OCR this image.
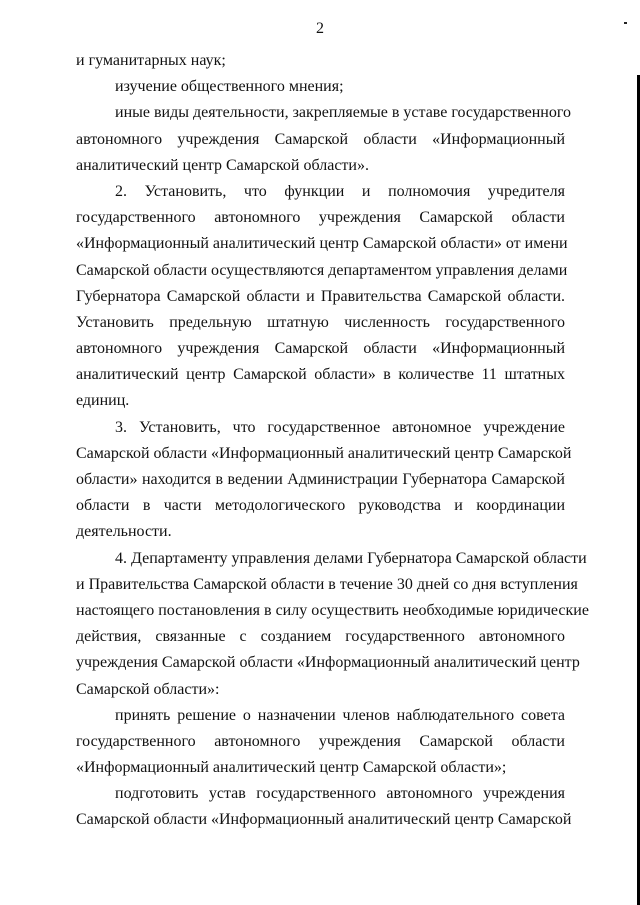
2
и гуманитарных наук;
изучение общественного мнения;
иные виды деятельности, закрепляемые в уставе государственного
автономного учреждения Самарской области «Информационный
аналитический центр Самарской области».
2. Установить, что функции и полномочия учредителя
государственного автономного учреждения Самарской области
«Информационный аналитический центр Самарской области» от имени
Самарской области осуществляются департаментом управления делами
Губернатора Самарской области и Правительства Самарской области.
Установить предельную штатную численность государственного
автономного учреждения Самарской области «Информационный
аналитический центр Самарской области» в количестве 11 штатных
единиц.
3. Установить, что государственное автономное учреждение
Самарской области «Информационный аналитический центр Самарской
области» находится в ведении Администрации Губернатора Самарской
области в части методологического руководства и координации
деятельности.
4. Департаменту управления делами Губернатора Самарской области
и Правительства Самарской области в течение 30 дней со дня вступления
настоящего постановления в силу осуществить необходимые юридические
действия, связанные с созданием государственного автономного
учреждения Самарской области «Информационный аналитический центр
Самарской области»:
принять решение о назначении членов наблюдательного совета
государственного автономного учреждения Самарской области
«Информационный аналитический центр Самарской области»;
подготовить устав государственного автономного учреждения
Самарской области «Информационный аналитический центр Самарской
